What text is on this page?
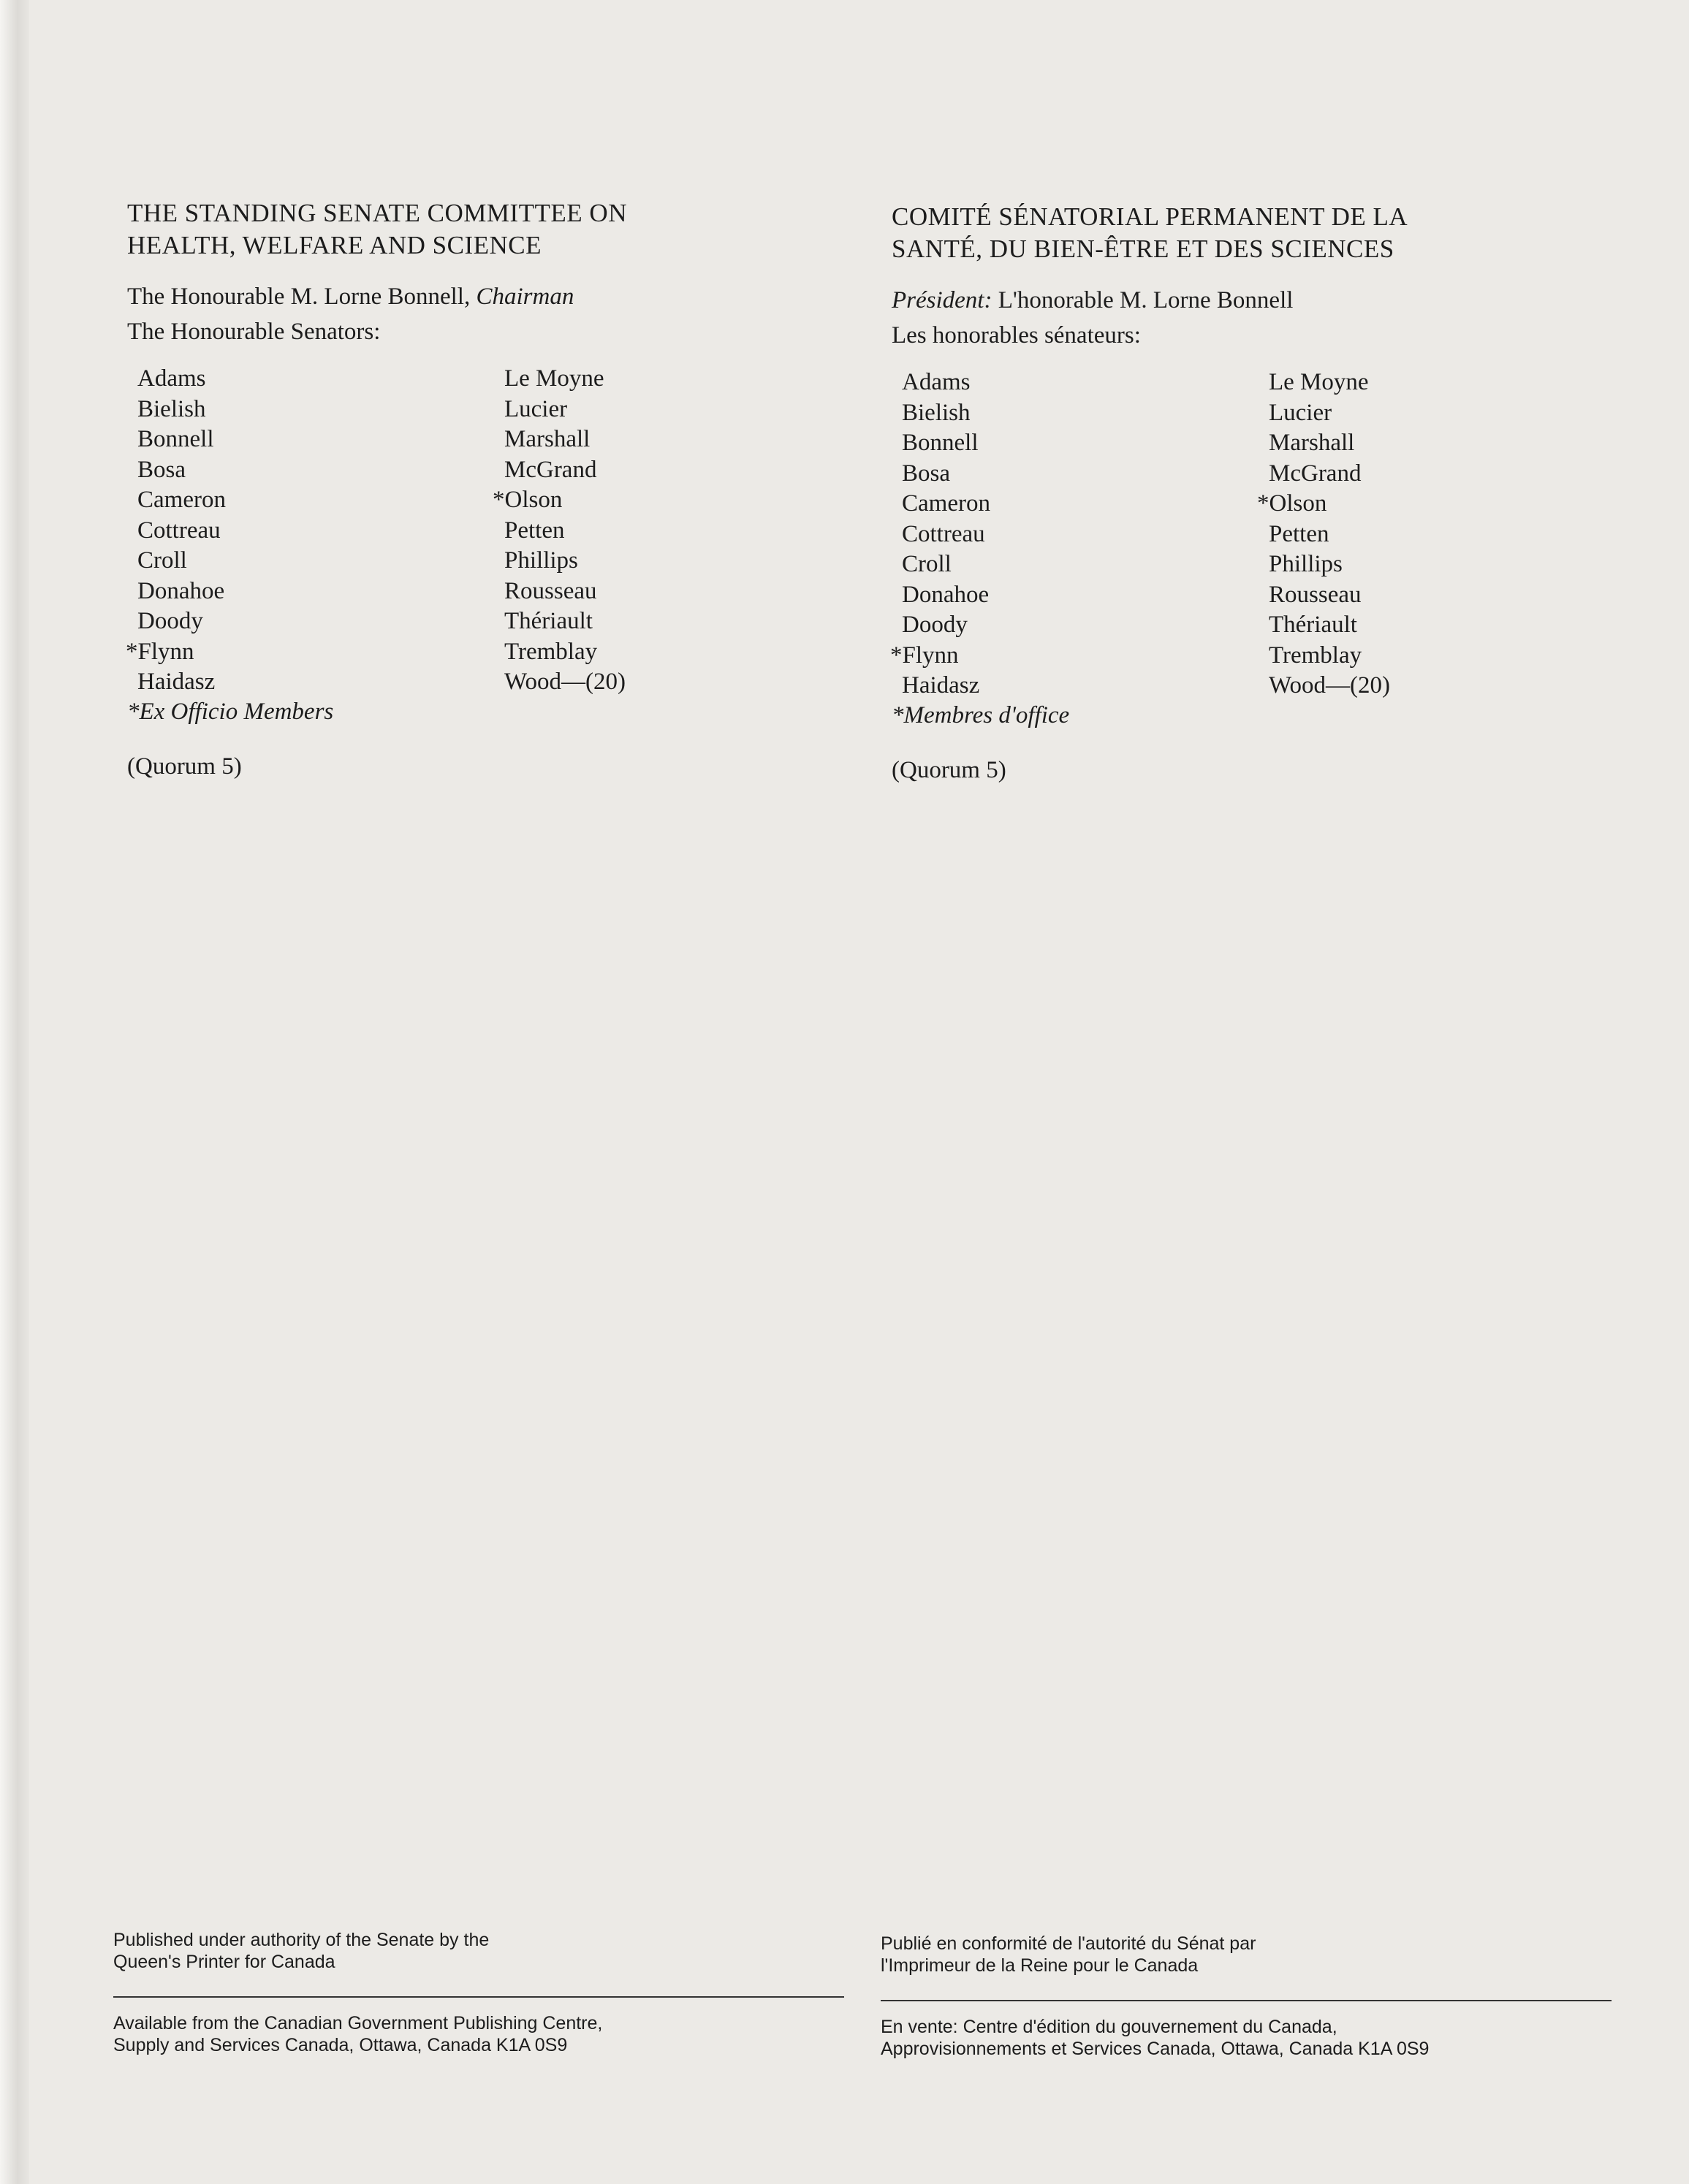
THE STANDING SENATE COMMITTEE ON
HEALTH, WELFARE AND SCIENCE
The Honourable M. Lorne Bonnell, Chairman
The Honourable Senators:
Adams
Bielish
Bonnell
Bosa
Cameron
Cottreau
Croll
Donahoe
Doody
*Flynn
Haidasz
Le Moyne
Lucier
Marshall
McGrand
*Olson
Petten
Phillips
Rousseau
Thériault
Tremblay
Wood—(20)
*Ex Officio Members
(Quorum 5)
COMITÉ SÉNATORIAL PERMANENT DE LA
SANTÉ, DU BIEN-ÊTRE ET DES SCIENCES
Président: L'honorable M. Lorne Bonnell
Les honorables sénateurs:
Adams
Bielish
Bonnell
Bosa
Cameron
Cottreau
Croll
Donahoe
Doody
*Flynn
Haidasz
Le Moyne
Lucier
Marshall
McGrand
*Olson
Petten
Phillips
Rousseau
Thériault
Tremblay
Wood—(20)
*Membres d'office
(Quorum 5)
Published under authority of the Senate by the
Queen's Printer for Canada
Available from the Canadian Government Publishing Centre,
Supply and Services Canada, Ottawa, Canada K1A 0S9
Publié en conformité de l'autorité du Sénat par
l'Imprimeur de la Reine pour le Canada
En vente: Centre d'édition du gouvernement du Canada,
Approvisionnements et Services Canada, Ottawa, Canada K1A 0S9
